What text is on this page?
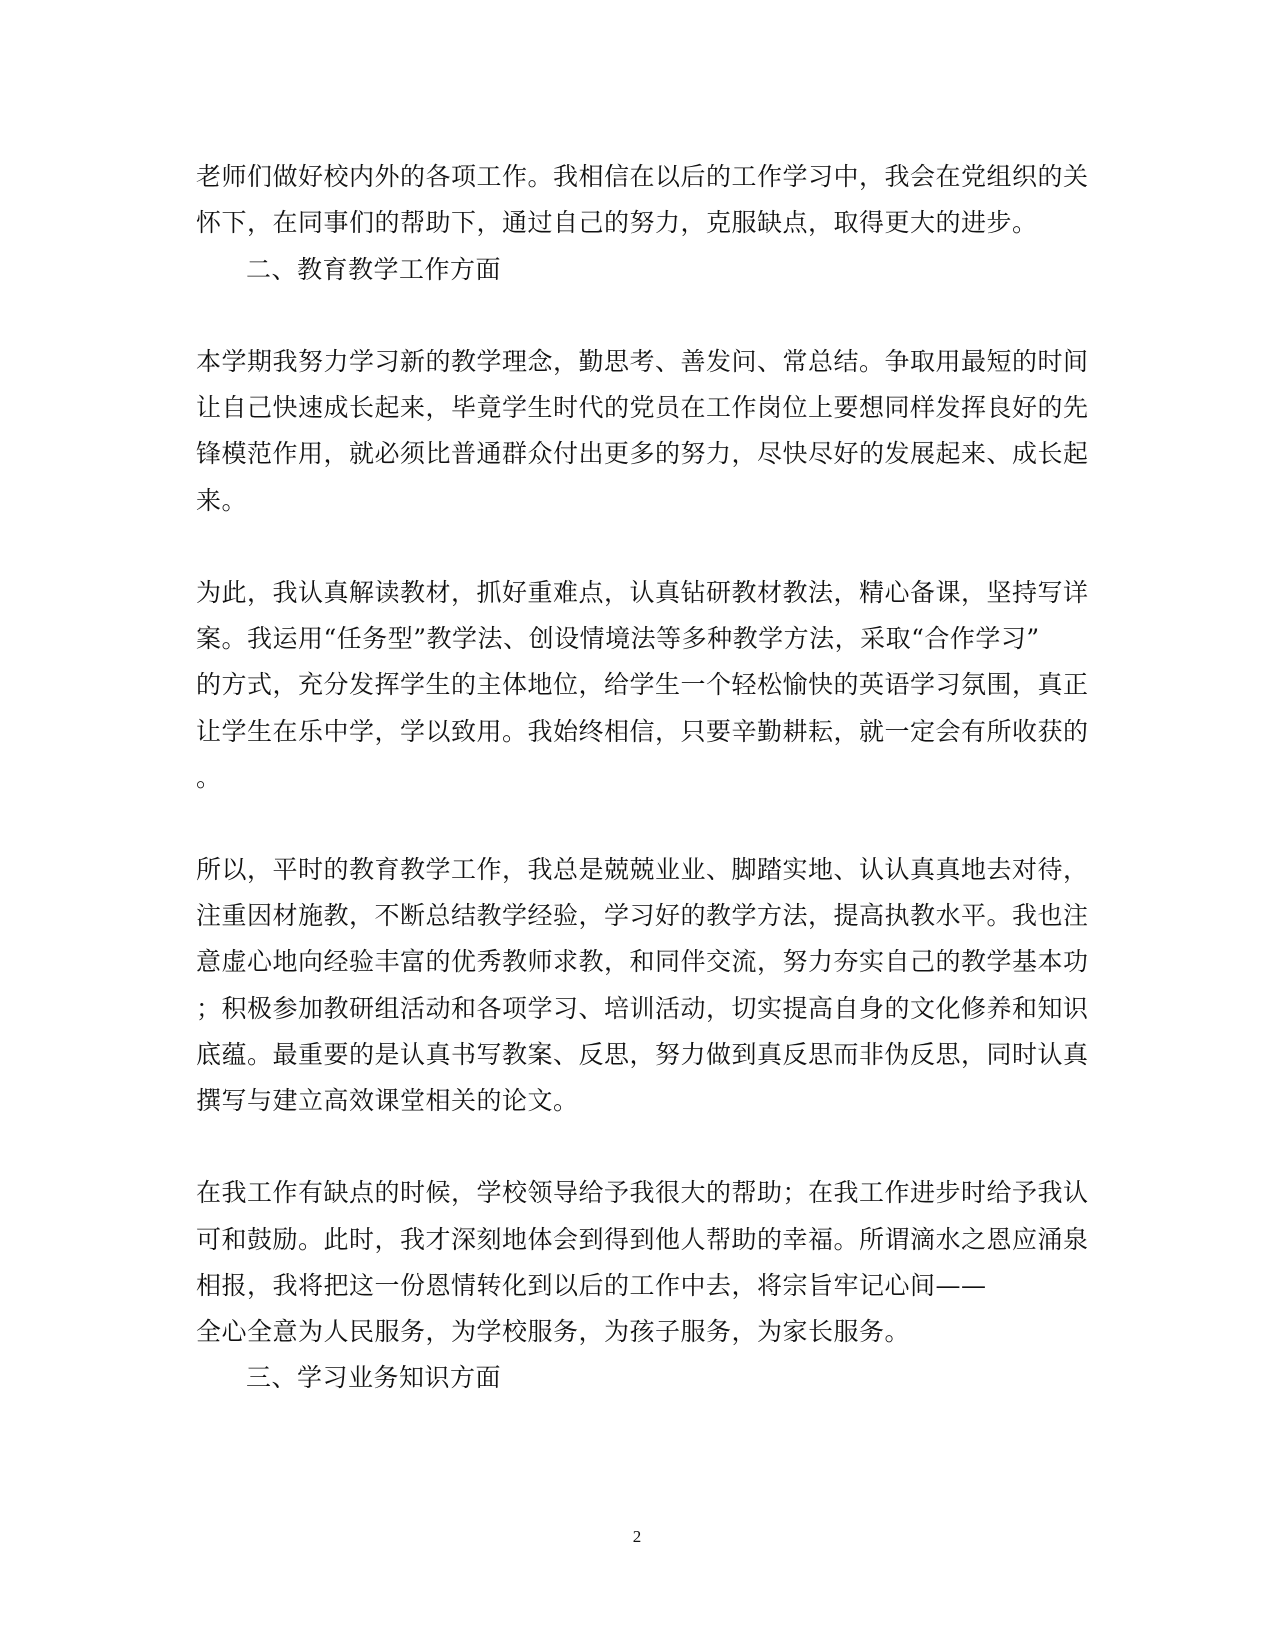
老师们做好校内外的各项工作。我相信在以后的工作学习中，我会在党组织的关
怀下，在同事们的帮助下，通过自己的努力，克服缺点，取得更大的进步。
二、教育教学工作方面
本学期我努力学习新的教学理念，勤思考、善发问、常总结。争取用最短的时间
让自己快速成长起来，毕竟学生时代的党员在工作岗位上要想同样发挥良好的先
锋模范作用，就必须比普通群众付出更多的努力，尽快尽好的发展起来、成长起
来。
为此，我认真解读教材，抓好重难点，认真钻研教材教法，精心备课，坚持写详
案。我运用“任务型”教学法、创设情境法等多种教学方法，采取“合作学习”
的方式，充分发挥学生的主体地位，给学生一个轻松愉快的英语学习氛围，真正
让学生在乐中学，学以致用。我始终相信，只要辛勤耕耘，就一定会有所收获的
。
所以，平时的教育教学工作，我总是兢兢业业、脚踏实地、认认真真地去对待，
注重因材施教，不断总结教学经验，学习好的教学方法，提高执教水平。我也注
意虚心地向经验丰富的优秀教师求教，和同伴交流，努力夯实自己的教学基本功
；积极参加教研组活动和各项学习、培训活动，切实提高自身的文化修养和知识
底蕴。最重要的是认真书写教案、反思，努力做到真反思而非伪反思，同时认真
撰写与建立高效课堂相关的论文。
在我工作有缺点的时候，学校领导给予我很大的帮助；在我工作进步时给予我认
可和鼓励。此时，我才深刻地体会到得到他人帮助的幸福。所谓滴水之恩应涌泉
相报，我将把这一份恩情转化到以后的工作中去，将宗旨牢记心间——
全心全意为人民服务，为学校服务，为孩子服务，为家长服务。
三、学习业务知识方面
2
